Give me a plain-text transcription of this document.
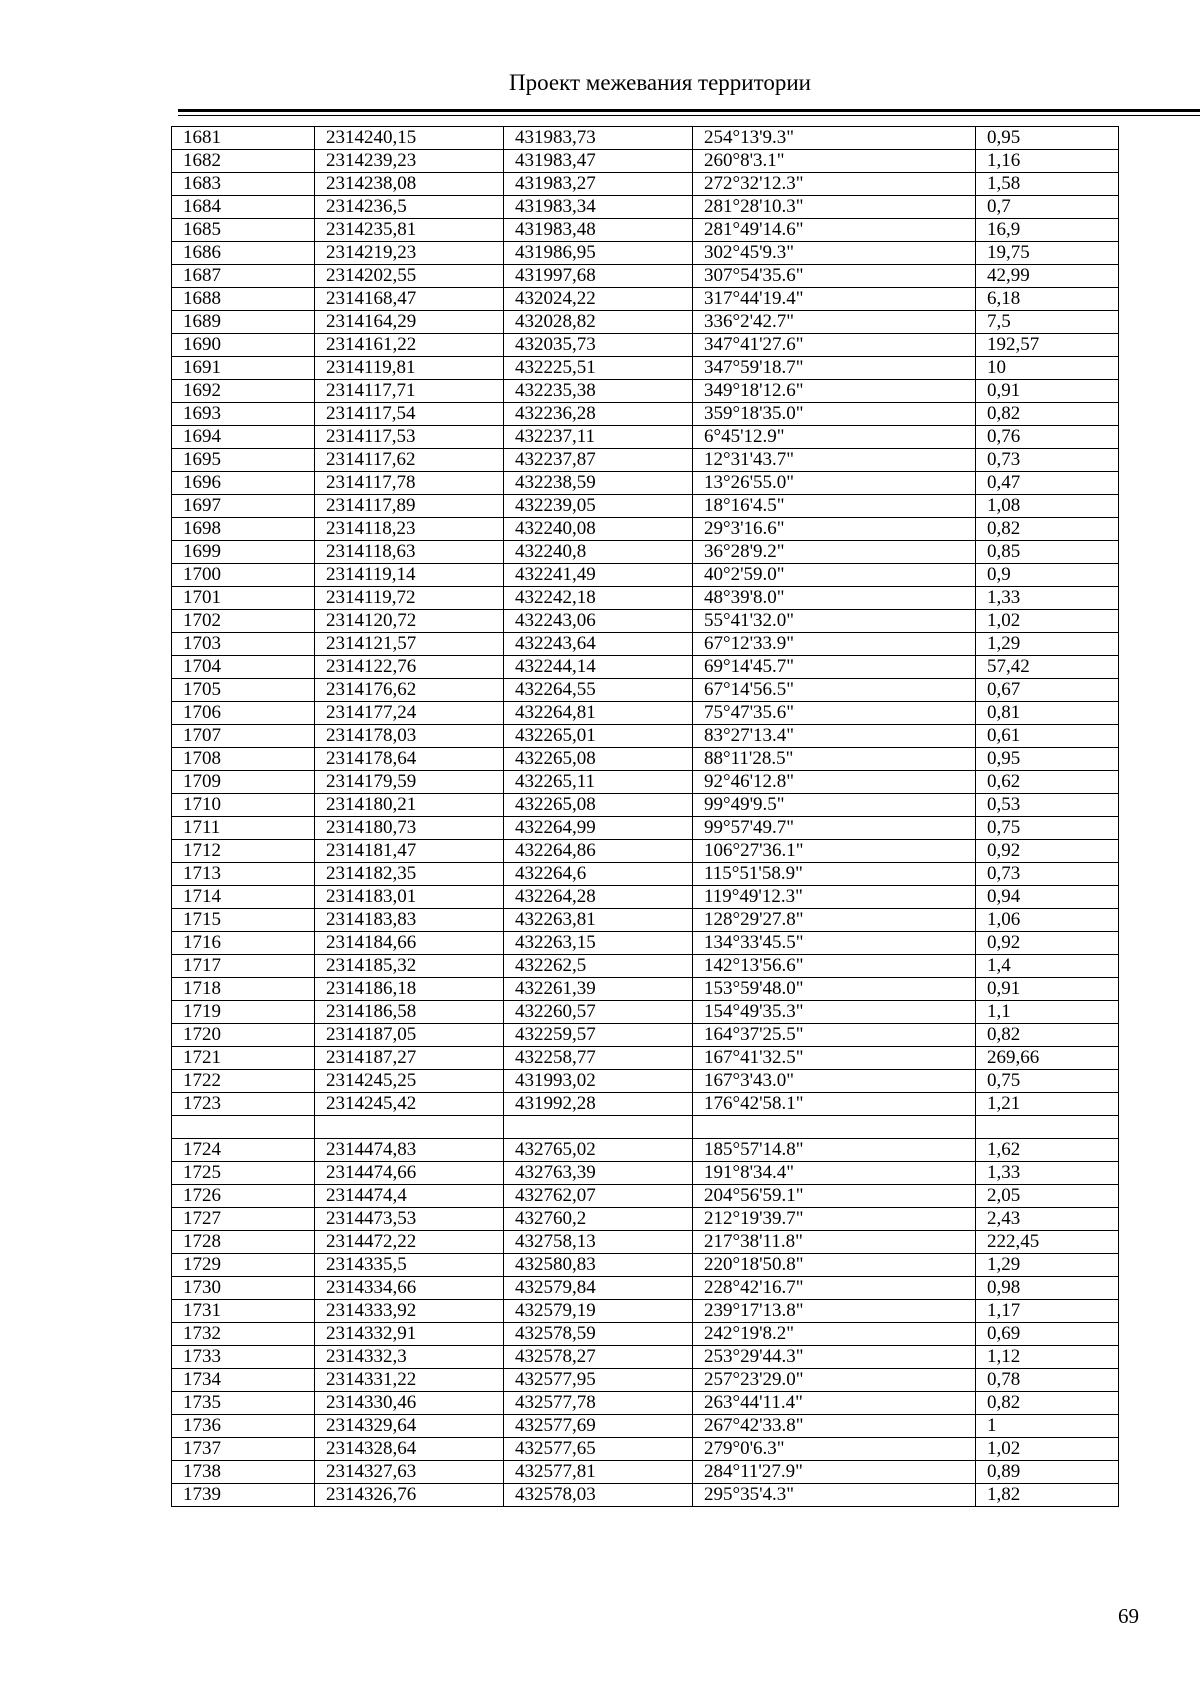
Проект межевания территории
1681	2314240,15	431983,73	254°13'9.3"	0,95
1682	2314239,23	431983,47	260°8'3.1"	1,16
1683	2314238,08	431983,27	272°32'12.3"	1,58
1684	2314236,5	431983,34	281°28'10.3"	0,7
1685	2314235,81	431983,48	281°49'14.6"	16,9
1686	2314219,23	431986,95	302°45'9.3"	19,75
1687	2314202,55	431997,68	307°54'35.6"	42,99
1688	2314168,47	432024,22	317°44'19.4"	6,18
1689	2314164,29	432028,82	336°2'42.7"	7,5
1690	2314161,22	432035,73	347°41'27.6"	192,57
1691	2314119,81	432225,51	347°59'18.7"	10
1692	2314117,71	432235,38	349°18'12.6"	0,91
1693	2314117,54	432236,28	359°18'35.0"	0,82
1694	2314117,53	432237,11	6°45'12.9"	0,76
1695	2314117,62	432237,87	12°31'43.7"	0,73
1696	2314117,78	432238,59	13°26'55.0"	0,47
1697	2314117,89	432239,05	18°16'4.5"	1,08
1698	2314118,23	432240,08	29°3'16.6"	0,82
1699	2314118,63	432240,8	36°28'9.2"	0,85
1700	2314119,14	432241,49	40°2'59.0"	0,9
1701	2314119,72	432242,18	48°39'8.0"	1,33
1702	2314120,72	432243,06	55°41'32.0"	1,02
1703	2314121,57	432243,64	67°12'33.9"	1,29
1704	2314122,76	432244,14	69°14'45.7"	57,42
1705	2314176,62	432264,55	67°14'56.5"	0,67
1706	2314177,24	432264,81	75°47'35.6"	0,81
1707	2314178,03	432265,01	83°27'13.4"	0,61
1708	2314178,64	432265,08	88°11'28.5"	0,95
1709	2314179,59	432265,11	92°46'12.8"	0,62
1710	2314180,21	432265,08	99°49'9.5"	0,53
1711	2314180,73	432264,99	99°57'49.7"	0,75
1712	2314181,47	432264,86	106°27'36.1"	0,92
1713	2314182,35	432264,6	115°51'58.9"	0,73
1714	2314183,01	432264,28	119°49'12.3"	0,94
1715	2314183,83	432263,81	128°29'27.8"	1,06
1716	2314184,66	432263,15	134°33'45.5"	0,92
1717	2314185,32	432262,5	142°13'56.6"	1,4
1718	2314186,18	432261,39	153°59'48.0"	0,91
1719	2314186,58	432260,57	154°49'35.3"	1,1
1720	2314187,05	432259,57	164°37'25.5"	0,82
1721	2314187,27	432258,77	167°41'32.5"	269,66
1722	2314245,25	431993,02	167°3'43.0"	0,75
1723	2314245,42	431992,28	176°42'58.1"	1,21

1724	2314474,83	432765,02	185°57'14.8"	1,62
1725	2314474,66	432763,39	191°8'34.4"	1,33
1726	2314474,4	432762,07	204°56'59.1"	2,05
1727	2314473,53	432760,2	212°19'39.7"	2,43
1728	2314472,22	432758,13	217°38'11.8"	222,45
1729	2314335,5	432580,83	220°18'50.8"	1,29
1730	2314334,66	432579,84	228°42'16.7"	0,98
1731	2314333,92	432579,19	239°17'13.8"	1,17
1732	2314332,91	432578,59	242°19'8.2"	0,69
1733	2314332,3	432578,27	253°29'44.3"	1,12
1734	2314331,22	432577,95	257°23'29.0"	0,78
1735	2314330,46	432577,78	263°44'11.4"	0,82
1736	2314329,64	432577,69	267°42'33.8"	1
1737	2314328,64	432577,65	279°0'6.3"	1,02
1738	2314327,63	432577,81	284°11'27.9"	0,89
1739	2314326,76	432578,03	295°35'4.3"	1,82
69
